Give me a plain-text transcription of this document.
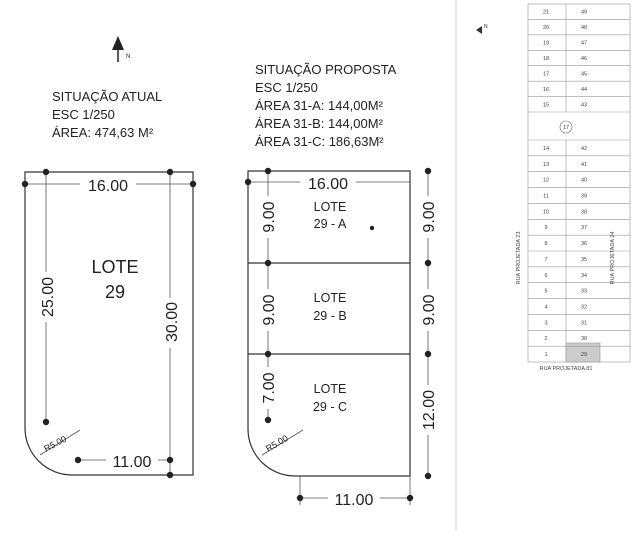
N
SITUAÇÃO ATUAL
ESC 1/250
ÁREA: 474,63 M²
16.00
25.00
30.00
11.00
R5.00
LOTE
29
SITUAÇÃO PROPOSTA
ESC 1/250
ÁREA 31-A: 144,00M²
ÁREA 31-B: 144,00M²
ÁREA 31-C: 186,63M²
16.00
9.00
9.00
7.00
9.00
9.00
12.00
11.00
R5.00
LOTE
29 - A
LOTE
29 - B
LOTE
29 - C
N
21	49
20	48
19	47
18	46
17	45
16	44
15	43
14	42
13	41
12	40
11	39
10	38
9	37
8	36
7	35
6	34
5	33
4	32
3	31
2	30
1	29
17
RUA PROJETADA 23	RUA PROJETADA 24
RUA PROJETADA 81
